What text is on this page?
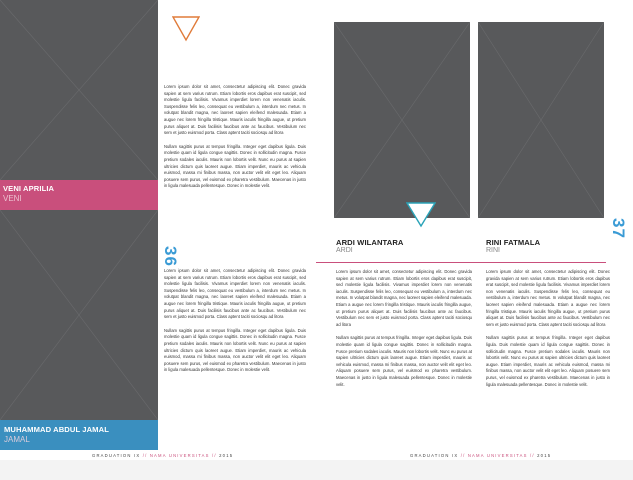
VENI APRILIA
VENI
MUHAMMAD ABDUL JAMAL
JAMAL
36

Lorem ipsum dolor sit amet, consectetur adipiscing elit. Donec gravida sapien at sem varius rutrum. Etiam lobortis eros dapibus erat suscipit, sed molestie ligula facilisis. Vivamus imperdiet lorem non venenatis iaculis. Suspendisse felis leo, consequat eu vestibulum a, interdum nec metus. In volutpat blandit magna, nec laoreet sapien eleifend malesuada. Etiam a augue nec lorem fringilla tristique. Mauris iaculis fringilla augue, ut pretium purus aliquet at. Duis facilisis faucibus ante ac faucibus. Vestibulum nec sem et justo euismod porta. Class aptent taciti sociosqu ad litora

Nullam sagittis purus at tempus fringilla. Integer eget dapibus ligula. Duis molestie quam id ligula congue sagittis. Donec in sollicitudin magna. Fusce pretium sodales iaculis. Mauris non lobortis velit. Nunc eu purus at sapien ultricies dictum quis laoreet augue. Etiam imperdiet, mauris ac vehicula euismod, massa mi finibus massa, non auctor velit elit eget leo. Aliquam posuere sem purus, vel euismod ex pharetra vestibulum. Maecenas in justo in ligula malesuada pellentesque. Donec in molestie velit.

Lorem ipsum dolor sit amet, consectetur adipiscing elit. Donec gravida sapien at sem varius rutrum. Etiam lobortis eros dapibus erat suscipit, sed molestie ligula facilisis. Vivamus imperdiet lorem non venenatis iaculis. Suspendisse felis leo, consequat eu vestibulum a, interdum nec metus. In volutpat blandit magna, nec laoreet sapien eleifend malesuada. Etiam a augue nec lorem fringilla tristique. Mauris iaculis fringilla augue, ut pretium purus aliquet at. Duis facilisis faucibus ante ac faucibus. Vestibulum nec sem et justo euismod porta. Class aptent taciti sociosqu ad litora

Nullam sagittis purus at tempus fringilla. Integer eget dapibus ligula. Duis molestie quam id ligula congue sagittis. Donec in sollicitudin magna. Fusce pretium sodales iaculis. Mauris non lobortis velit. Nunc eu purus at sapien ultricies dictum quis laoreet augue. Etiam imperdiet, mauris ac vehicula euismod, massa mi finibus massa, non auctor velit elit eget leo. Aliquam posuere sem purus, vel euismod ex pharetra vestibulum. Maecenas in justo in ligula malesuada pellentesque. Donec in molestie velit.

GRADUATION IX // NAMA UNIVERSITAS // 2015
37
ARDI WILANTARA
ARDI
RINI FATMALA
RINI

Lorem ipsum dolor sit amet, consectetur adipiscing elit. Donec gravida sapien at sem varius rutrum. Etiam lobortis eros dapibus erat suscipit, sed molestie ligula facilisis. Vivamus imperdiet lorem non venenatis iaculis. Suspendisse felis leo, consequat eu vestibulum a, interdum nec metus. In volutpat blandit magna, nec laoreet sapien eleifend malesuada. Etiam a augue nec lorem fringilla tristique. Mauris iaculis fringilla augue, ut pretium purus aliquet at. Duis facilisis faucibus ante ac faucibus. Vestibulum nec sem et justo euismod porta. Class aptent taciti sociosqu ad litora

Nullam sagittis purus at tempus fringilla. Integer eget dapibus ligula. Duis molestie quam id ligula congue sagittis. Donec in sollicitudin magna. Fusce pretium sodales iaculis. Mauris non lobortis velit. Nunc eu purus at sapien ultricies dictum quis laoreet augue. Etiam imperdiet, mauris ac vehicula euismod, massa mi finibus massa, non auctor velit elit eget leo. Aliquam posuere sem purus, vel euismod ex pharetra vestibulum. Maecenas in justo in ligula malesuada pellentesque. Donec in molestie velit.

Lorem ipsum dolor sit amet, consectetur adipiscing elit. Donec gravida sapien at sem varius rutrum. Etiam lobortis eros dapibus erat suscipit, sed molestie ligula facilisis. Vivamus imperdiet lorem non venenatis iaculis. Suspendisse felis leo, consequat eu vestibulum a, interdum nec metus. In volutpat blandit magna, nec laoreet sapien eleifend malesuada. Etiam a augue nec lorem fringilla tristique. Mauris iaculis fringilla augue, ut pretium purus aliquet at. Duis facilisis faucibus ante ac faucibus. Vestibulum nec sem et justo euismod porta. Class aptent taciti sociosqu ad litora

Nullam sagittis purus at tempus fringilla. Integer eget dapibus ligula. Duis molestie quam id ligula congue sagittis. Donec in sollicitudin magna. Fusce pretium sodales iaculis. Mauris non lobortis velit. Nunc eu purus at sapien ultricies dictum quis laoreet augue. Etiam imperdiet, mauris ac vehicula euismod, massa mi finibus massa, non auctor velit elit eget leo. Aliquam posuere sem purus, vel euismod ex pharetra vestibulum. Maecenas in justo in ligula malesuada pellentesque. Donec in molestie velit.

GRADUATION IX // NAMA UNIVERSITAS // 2015
